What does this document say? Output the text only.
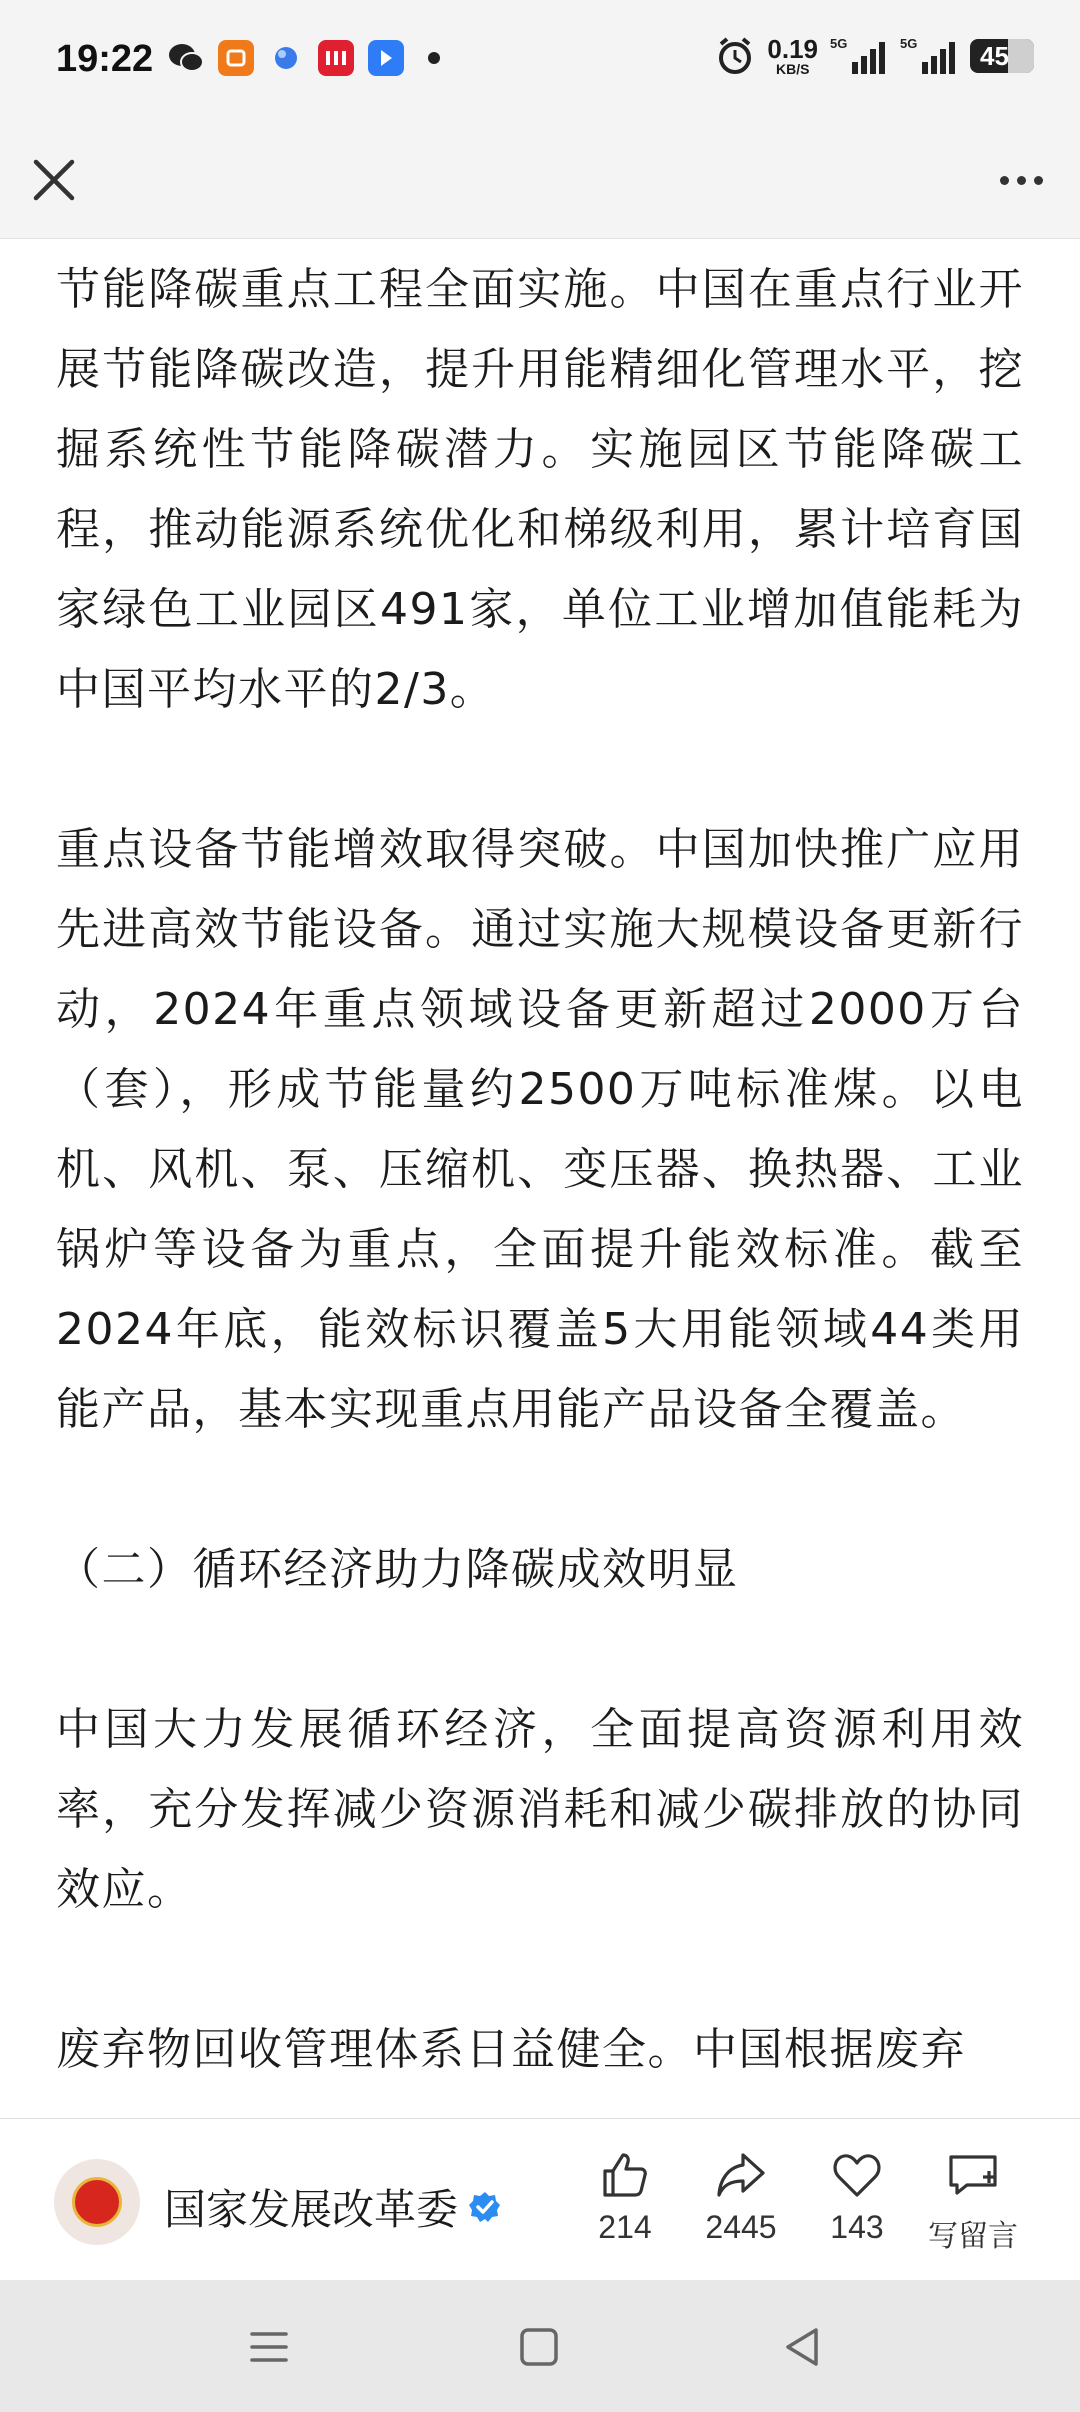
19:22	0.19
KB/S
5G	5G	45

节能降碳重点工程全面实施。中国在重点行业开展节能降碳改造，提升用能精细化管理水平，挖掘系统性节能降碳潜力。实施园区节能降碳工程，推动能源系统优化和梯级利用，累计培育国家绿色工业园区491家，单位工业增加值能耗为中国平均水平的2/3。

重点设备节能增效取得突破。中国加快推广应用先进高效节能设备。通过实施大规模设备更新行动，2024年重点领域设备更新超过2000万台（套），形成节能量约2500万吨标准煤。以电机、风机、泵、压缩机、变压器、换热器、工业锅炉等设备为重点，全面提升能效标准。截至2024年底，能效标识覆盖5大用能领域44类用能产品，基本实现重点用能产品设备全覆盖。

（二）循环经济助力降碳成效明显

中国大力发展循环经济，全面提高资源利用效率，充分发挥减少资源消耗和减少碳排放的协同效应。

废弃物回收管理体系日益健全。中国根据废弃

国家发展改革委	214	2445	143	写留言
